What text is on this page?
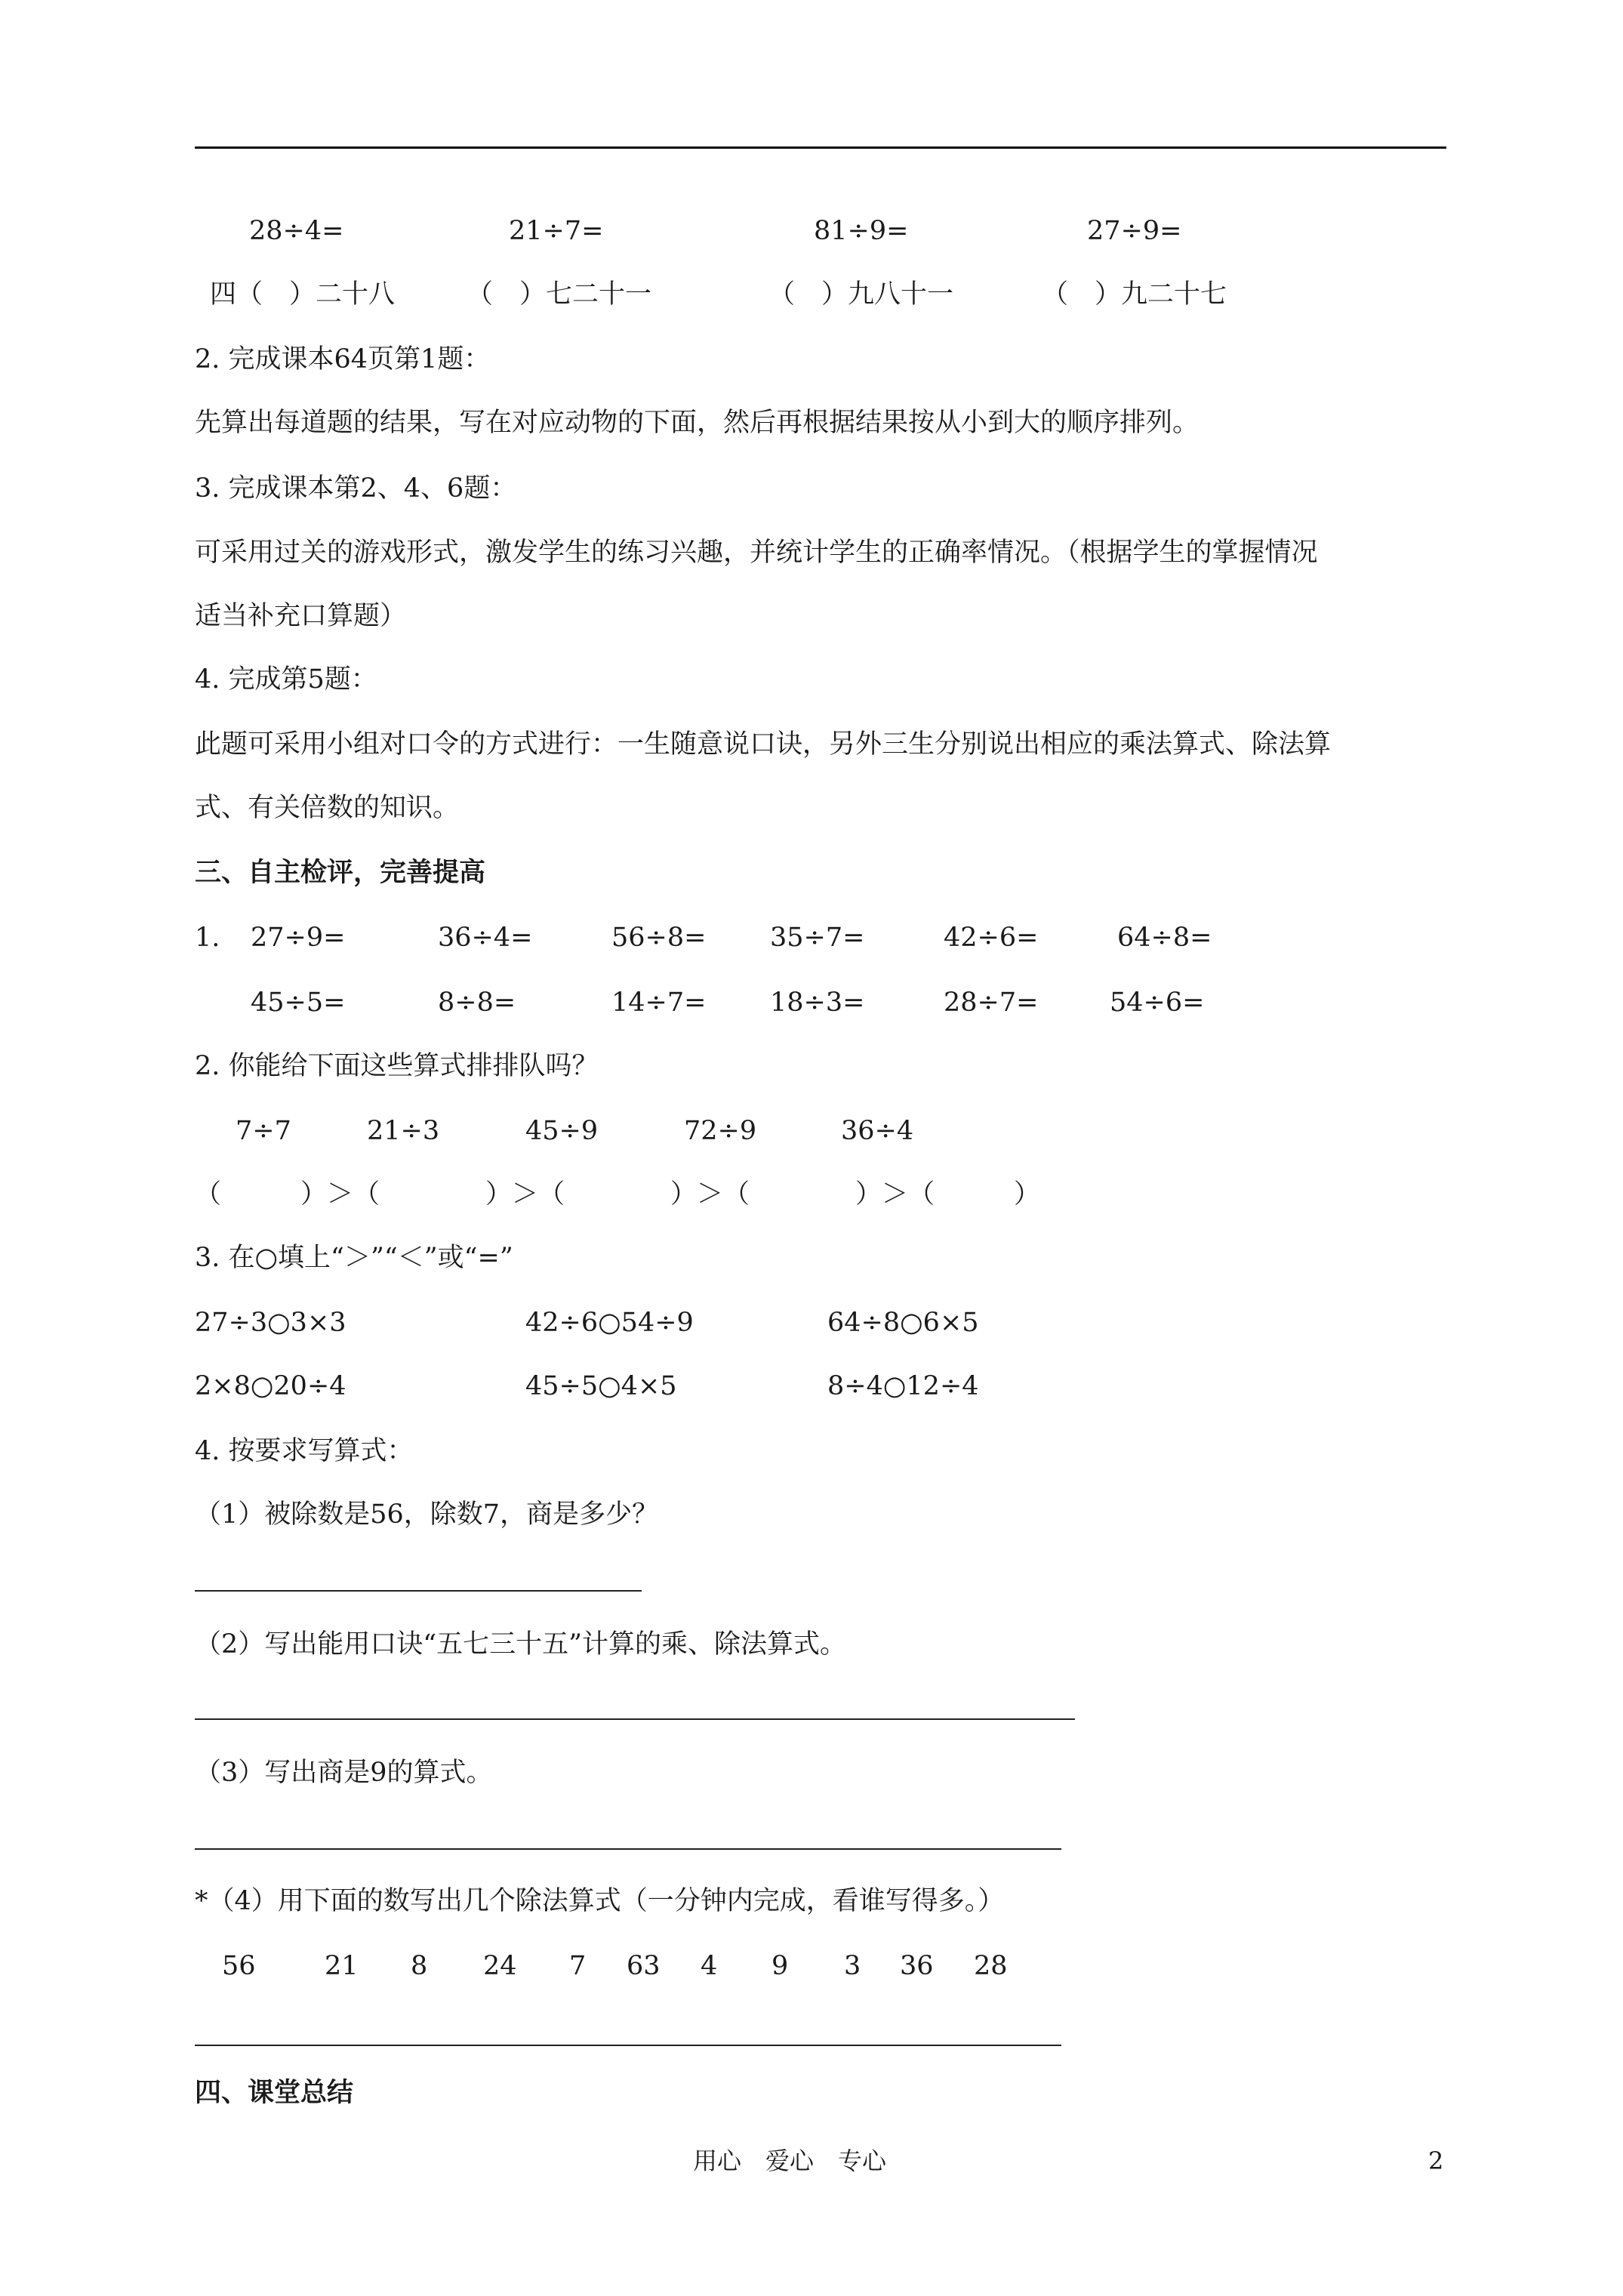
28÷4=	21÷7=	81÷9=	27÷9=
四（　）二十八	（　）七二十一	（　）九八十一	（　）九二十七
2. 完成课本64页第1题：
先算出每道题的结果，写在对应动物的下面，然后再根据结果按从小到大的顺序排列。
3. 完成课本第2、4、6题：
可采用过关的游戏形式，激发学生的练习兴趣，并统计学生的正确率情况。（根据学生的掌握情况
适当补充口算题）
4. 完成第5题：
此题可采用小组对口令的方式进行：一生随意说口诀，另外三生分别说出相应的乘法算式、除法算
式、有关倍数的知识。
三、自主检评，完善提高
1. 27÷9=	36÷4=	56÷8= 35÷7=	42÷6=	64÷8=
45÷5=	8÷8=	14÷7= 18÷3=	28÷7=	54÷6=
2. 你能给下面这些算式排排队吗？
7÷7	21÷3	45÷9	72÷9	36÷4
（　　　）＞（　　　　）＞（　　　　）＞（　　　　）＞（　　　）
3. 在○填上“＞”“＜”或“=”
27÷3○3×3	42÷6○54÷9	64÷8○6×5
2×8○20÷4	45÷5○4×5	8÷4○12÷4
4. 按要求写算式：
（1）被除数是56，除数7，商是多少？
（2）写出能用口诀“五七三十五”计算的乘、除法算式。
（3）写出商是9的算式。
*（4）用下面的数写出几个除法算式（一分钟内完成，看谁写得多。）
56	21 8 24 7 63 4 9 3 36 28
四、课堂总结
用心　爱心　专心	2
